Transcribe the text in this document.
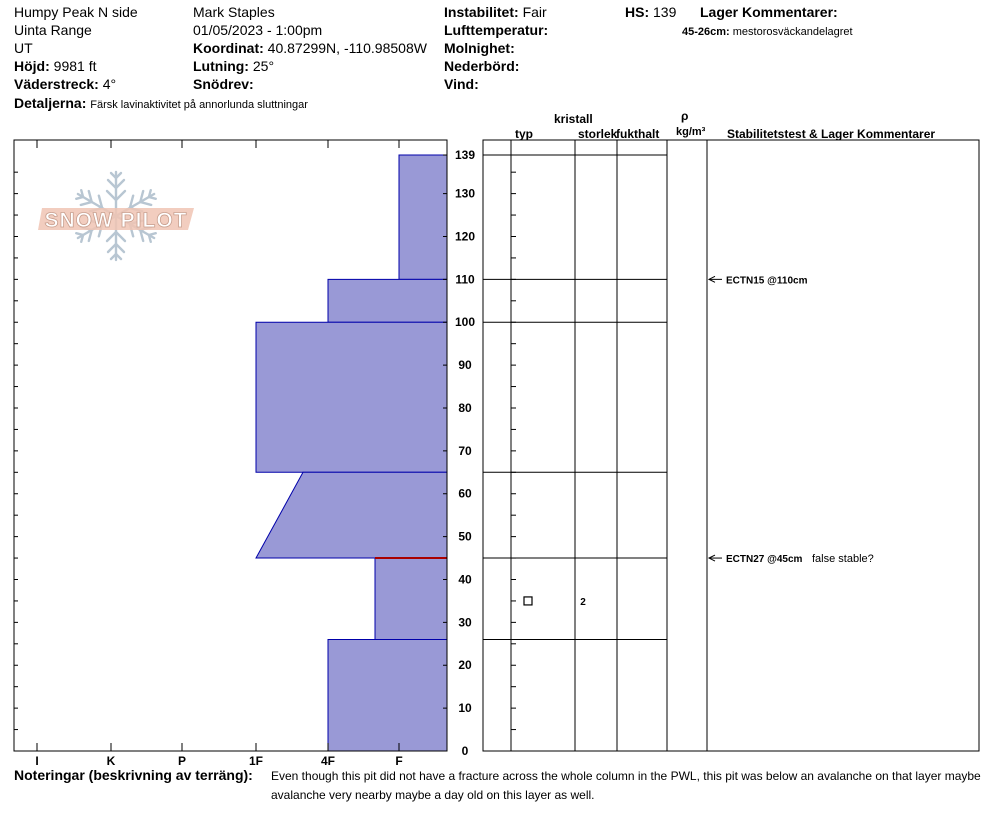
Humpy Peak N side
Uinta Range
UT
Höjd: 9981 ft
Väderstreck: 4°
Detaljerna: Färsk lavinaktivitet på annorlunda sluttningar
Mark Staples
01/05/2023 - 1:00pm
Koordinat: 40.87299N, -110.98508W
Lutning: 25°
Snödrev:
Instabilitet: Fair
Lufttemperatur:
Molnighet:
Nederbörd:
Vind:
HS: 139 Lager Kommentarer:
45-26cm: mestorosväckandelagret
SNOW PILOT
kristall
typ	storlek
fukthalt
ρ
kg/m³ Stabilitetstest & Lager Kommentarer
I	K	P	1F	4F	F
0
10
20
30
40
50
60
70
80
90
100
110
120
130
139
2
ECTN15 @110cm
ECTN27 @45cm false stable?
Noteringar (beskrivning av terräng): Even though this pit did not have a fracture across the whole column in the PWL, this pit was below an avalanche on that layer maybe
avalanche very nearby maybe a day old on this layer as well.
